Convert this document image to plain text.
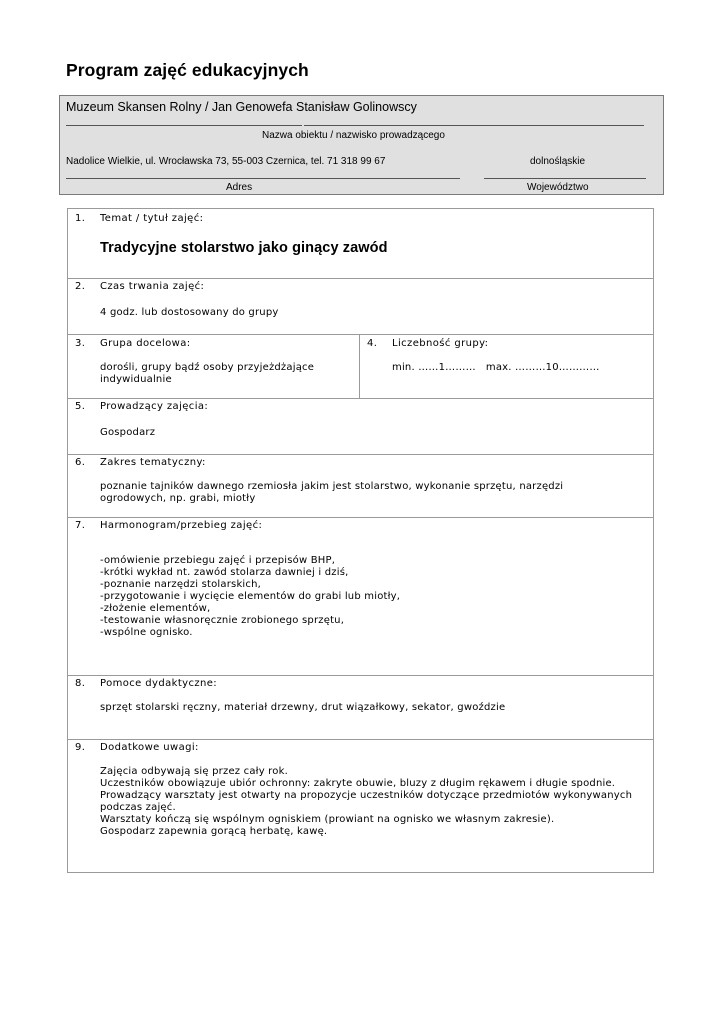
Program zajęć edukacyjnych
Muzeum Skansen Rolny / Jan Genowefa Stanisław Golinowscy
Nazwa obiektu / nazwisko prowadzącego
Nadolice Wielkie, ul. Wrocławska 73, 55-003 Czernica, tel. 71 318 99 67	dolnośląskie
Adres	Województwo
1. Temat / tytuł zajęć:
Tradycyjne stolarstwo jako ginący zawód
2. Czas trwania zajęć:
4 godz. lub dostosowany do grupy
3. Grupa docelowa:
dorośli, grupy bądź osoby przyjeżdżające indywidualnie
4. Liczebność grupy:
min. ……1………   max. ………10…………
5. Prowadzący zajęcia:
Gospodarz
6. Zakres tematyczny:
poznanie tajników dawnego rzemiosła jakim jest stolarstwo, wykonanie sprzętu, narzędzi ogrodowych, np. grabi, miotły
7. Harmonogram/przebieg zajęć:
-omówienie przebiegu zajęć i przepisów BHP,
-krótki wykład nt. zawód stolarza dawniej i dziś,
-poznanie narzędzi stolarskich,
-przygotowanie i wycięcie elementów do grabi lub miotły,
-złożenie elementów,
-testowanie własnoręcznie zrobionego sprzętu,
-wspólne ognisko.
8. Pomoce dydaktyczne:
sprzęt stolarski ręczny, materiał drzewny, drut wiązałkowy, sekator, gwoździe
9. Dodatkowe uwagi:
Zajęcia odbywają się przez cały rok.
Uczestników obowiązuje ubiór ochronny: zakryte obuwie, bluzy z długim rękawem i długie spodnie.
Prowadzący warsztaty jest otwarty na propozycje uczestników dotyczące przedmiotów wykonywanych podczas zajęć.
Warsztaty kończą się wspólnym ogniskiem (prowiant na ognisko we własnym zakresie).
Gospodarz zapewnia gorącą herbatę, kawę.
